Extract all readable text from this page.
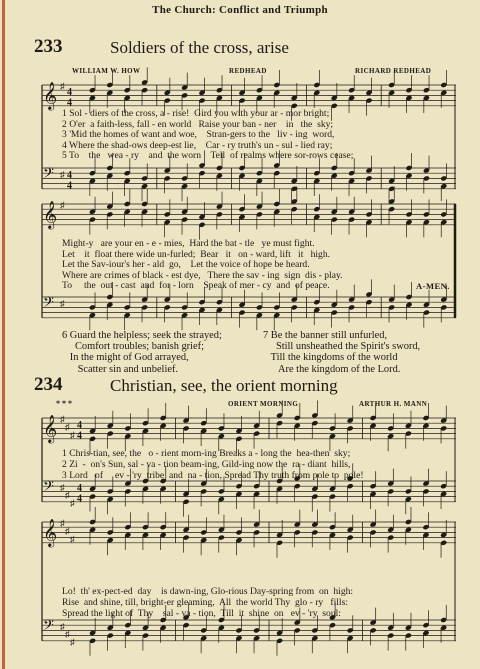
The Church: Conflict and Triumph
233	Soldiers of the cross, arise
WILLIAM W. HOW	REDHEAD	RICHARD REDHEAD
𝄞 ♯
4
4
𝄢 ♯ 4
4
𝄞 ♯
𝄢 ♯
𝄞 ♯
♯
♯
4
4
𝄢 ♯
♯
♯
4
4
𝄞 ♯
♯
♯
𝄢 ♯
♯
♯
1 Sol - diers of the cross, a - rise!  Gird you with your ar - mor bright;
2 O'er  a faith-less, fall - en world   Raise your ban - ner    in   the  sky;
3 'Mid the homes of want and woe,    Stran-gers to the   liv - ing  word,
4 Where the shad-ows deep-est lie,    Car - ry truth's un - sul - lied ray;
5 To    the   wea - ry    and  the worn    Tell  of realms where sor-rows cease;
Might-y   are your en - e - mies,  Hard the bat - tle   ye must fight.
Let    it  float there wide un-furled;  Bear   it   on - ward, lift   it   high.
Let the Sav-iour's her - ald  go,    Let the voice of hope be heard.
Where are crimes of black - est dye,   There the sav - ing  sign  dis - play.
To     the  out - cast  and  for - lorn    Speak of mer - cy  and  of peace.	A-MEN.
6 Guard the helpless; seek the strayed;
Comfort troubles; banish grief;
In the might of God arrayed,
Scatter sin and unbelief.
7 Be the banner still unfurled,
Still unsheathed the Spirit's sword,
Till the kingdoms of the world
Are the kingdom of the Lord.
234	Christian, see, the orient morning
* * *	ORIENT MORNING	ARTHUR H. MANN
1 Chris-tian, see, the   o - rient morn-ing Breaks a - long the  hea-then  sky;
2 Zi  -  on's Sun, sal - va - tion beam-ing, Gild-ing now the  ra - diant  hills,
3 Lord   of     ev - 'ry  tribe  and  na - tion, Spread Thy truth from pole to  pole!
Lo!  th' ex-pect-ed  day    is dawn-ing, Glo-rious Day-spring from  on  high:
Rise  and shine, till, bright-er gleaming,  All  the world Thy  glo - ry   fills:
Spread the light of  Thy    sal - va - tion,  Till  it  shine  on   ev - 'ry  soul:
